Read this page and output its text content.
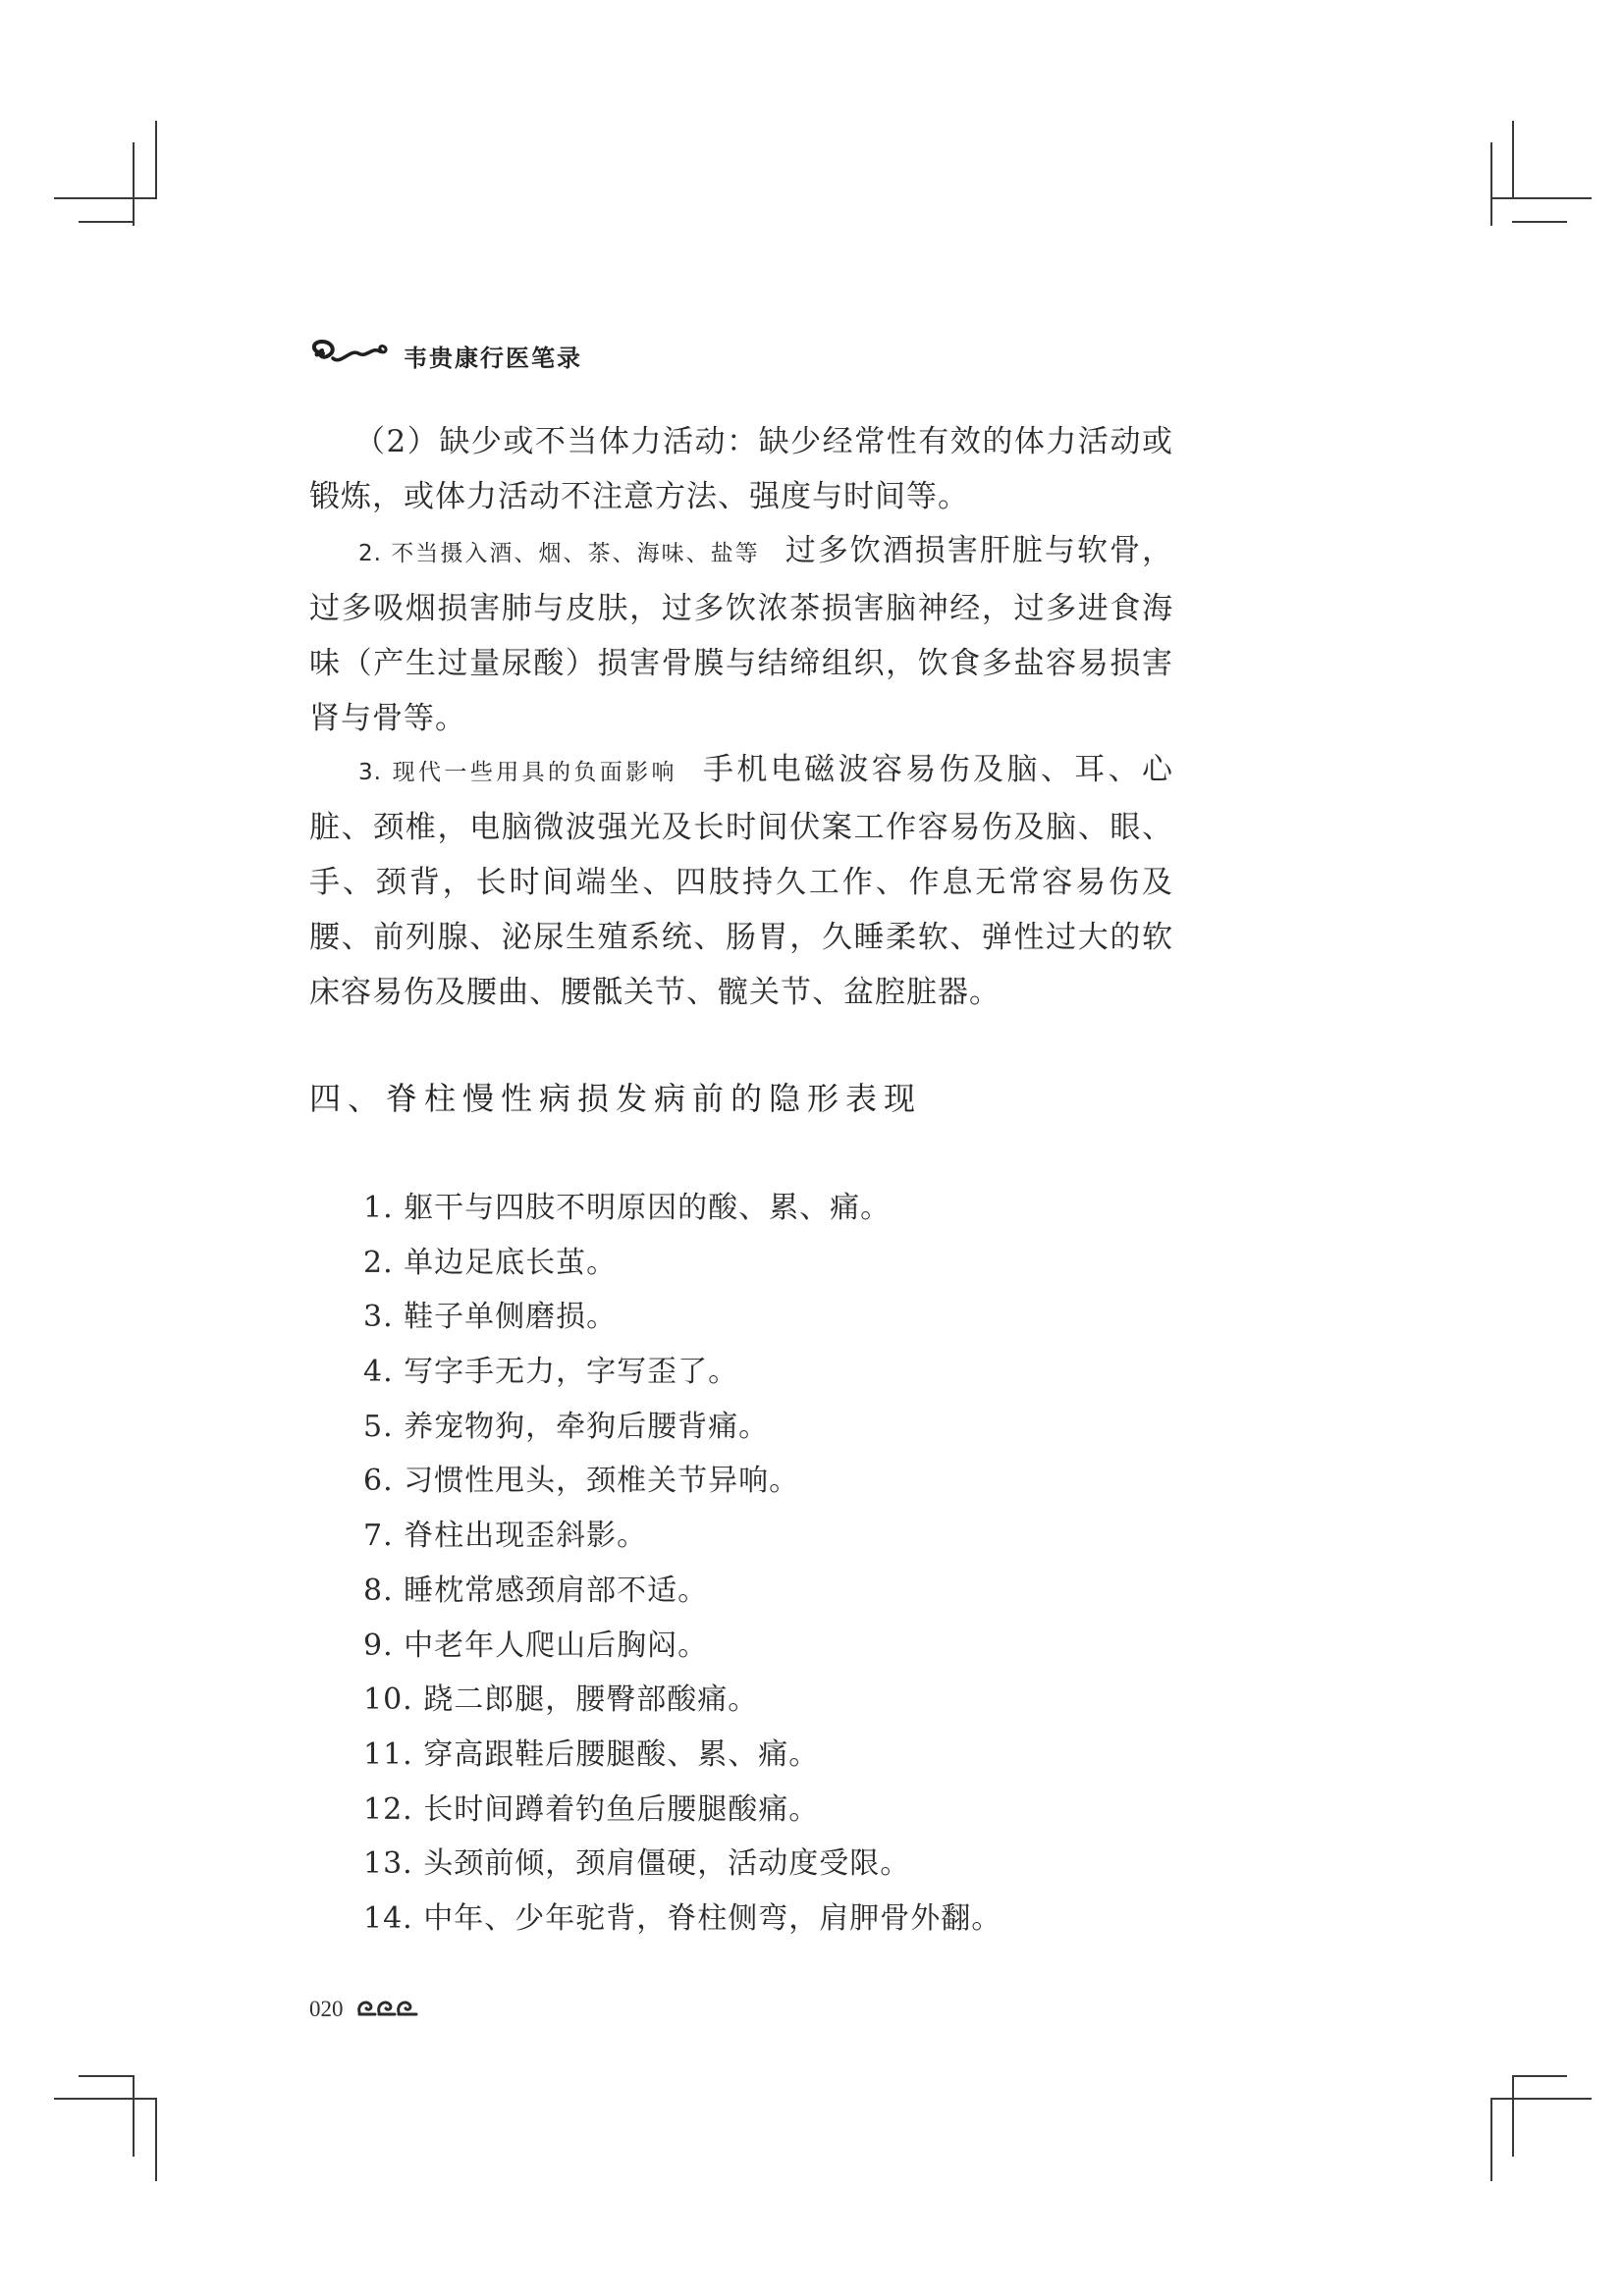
韦贵康行医笔录

（2）缺少或不当体力活动：缺少经常性有效的体力活动或锻炼，或体力活动不注意方法、强度与时间等。

2. 不当摄入酒、烟、茶、海味、盐等 过多饮酒损害肝脏与软骨，过多吸烟损害肺与皮肤，过多饮浓茶损害脑神经，过多进食海味（产生过量尿酸）损害骨膜与结缔组织，饮食多盐容易损害肾与骨等。

3. 现代一些用具的负面影响 手机电磁波容易伤及脑、耳、心脏、颈椎，电脑微波强光及长时间伏案工作容易伤及脑、眼、手、颈背，长时间端坐、四肢持久工作、作息无常容易伤及腰、前列腺、泌尿生殖系统、肠胃，久睡柔软、弹性过大的软床容易伤及腰曲、腰骶关节、髋关节、盆腔脏器。

四、脊柱慢性病损发病前的隐形表现
1. 躯干与四肢不明原因的酸、累、痛。
2. 单边足底长茧。
3. 鞋子单侧磨损。
4. 写字手无力，字写歪了。
5. 养宠物狗，牵狗后腰背痛。
6. 习惯性甩头，颈椎关节异响。
7. 脊柱出现歪斜影。
8. 睡枕常感颈肩部不适。
9. 中老年人爬山后胸闷。
10. 跷二郎腿，腰臀部酸痛。
11. 穿高跟鞋后腰腿酸、累、痛。
12. 长时间蹲着钓鱼后腰腿酸痛。
13. 头颈前倾，颈肩僵硬，活动度受限。
14. 中年、少年驼背，脊柱侧弯，肩胛骨外翻。
020
